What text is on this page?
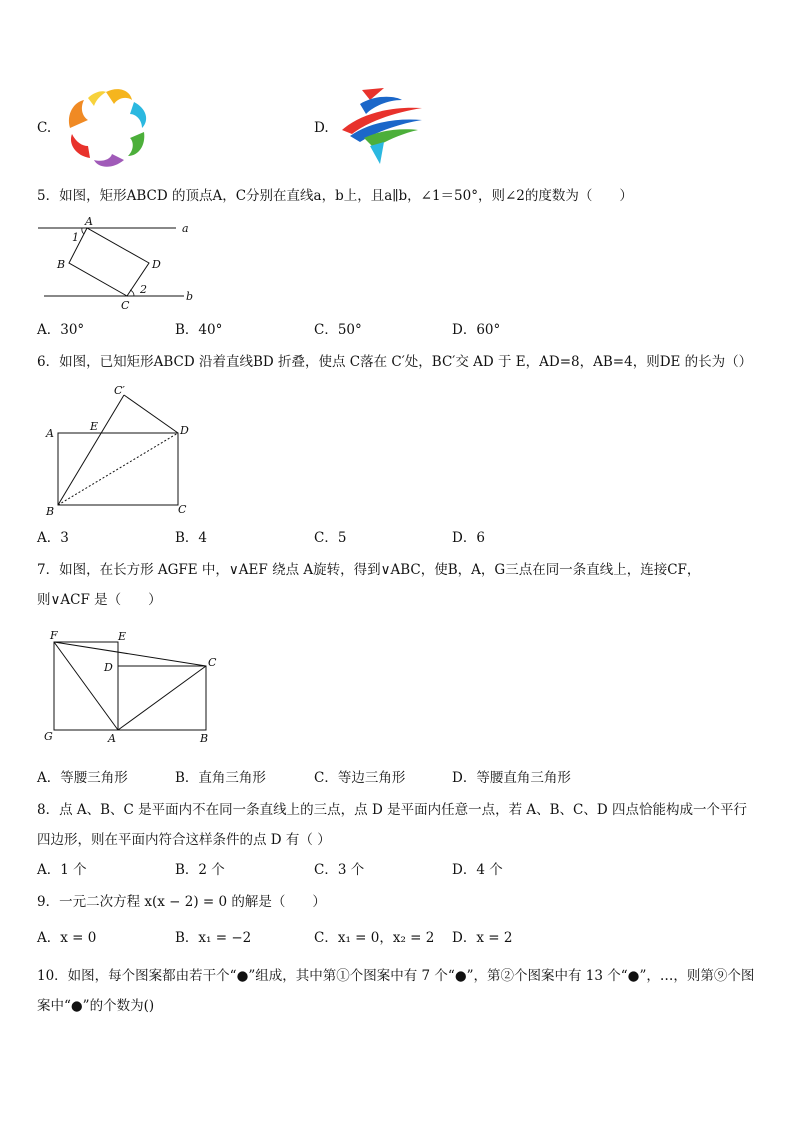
C.	D.
5．如图，矩形ABCD 的顶点A，C分别在直线a，b上，且a∥b，∠1＝50°，则∠2的度数为（　　）
A
a
1
B	D
2
C
b
A．30°	B．40°	C．50°	D．60°
6．如图，已知矩形ABCD 沿着直线BD 折叠，使点 C落在 C′处，BC′交 AD 于 E，AD=8，AB=4，则DE 的长为（）
C′
A
E	D
B	C
A．3	B．4	C．5	D．6
7．如图，在长方形 AGFE 中，∨AEF 绕点 A旋转，得到∨ABC，使B，A，G三点在同一条直线上，连接CF，
则∨ACF 是（　　）
F	E
D	C
G	A	B
A．等腰三角形	B．直角三角形	C．等边三角形	D．等腰直角三角形
8．点 A、B、C 是平面内不在同一条直线上的三点，点 D 是平面内任意一点，若 A、B、C、D 四点恰能构成一个平行
四边形，则在平面内符合这样条件的点 D 有（ ）
A．1 个	B．2 个	C．3 个	D．4 个
9．一元二次方程 x(x − 2) = 0 的解是（　　）
A．x = 0	B．x₁ = −2	C．x₁ = 0，x₂ = 2 D．x = 2
10．如图，每个图案都由若干个“●”组成，其中第①个图案中有 7 个“●”，第②个图案中有 13 个“●”，…，则第⑨个图
案中“●”的个数为()
